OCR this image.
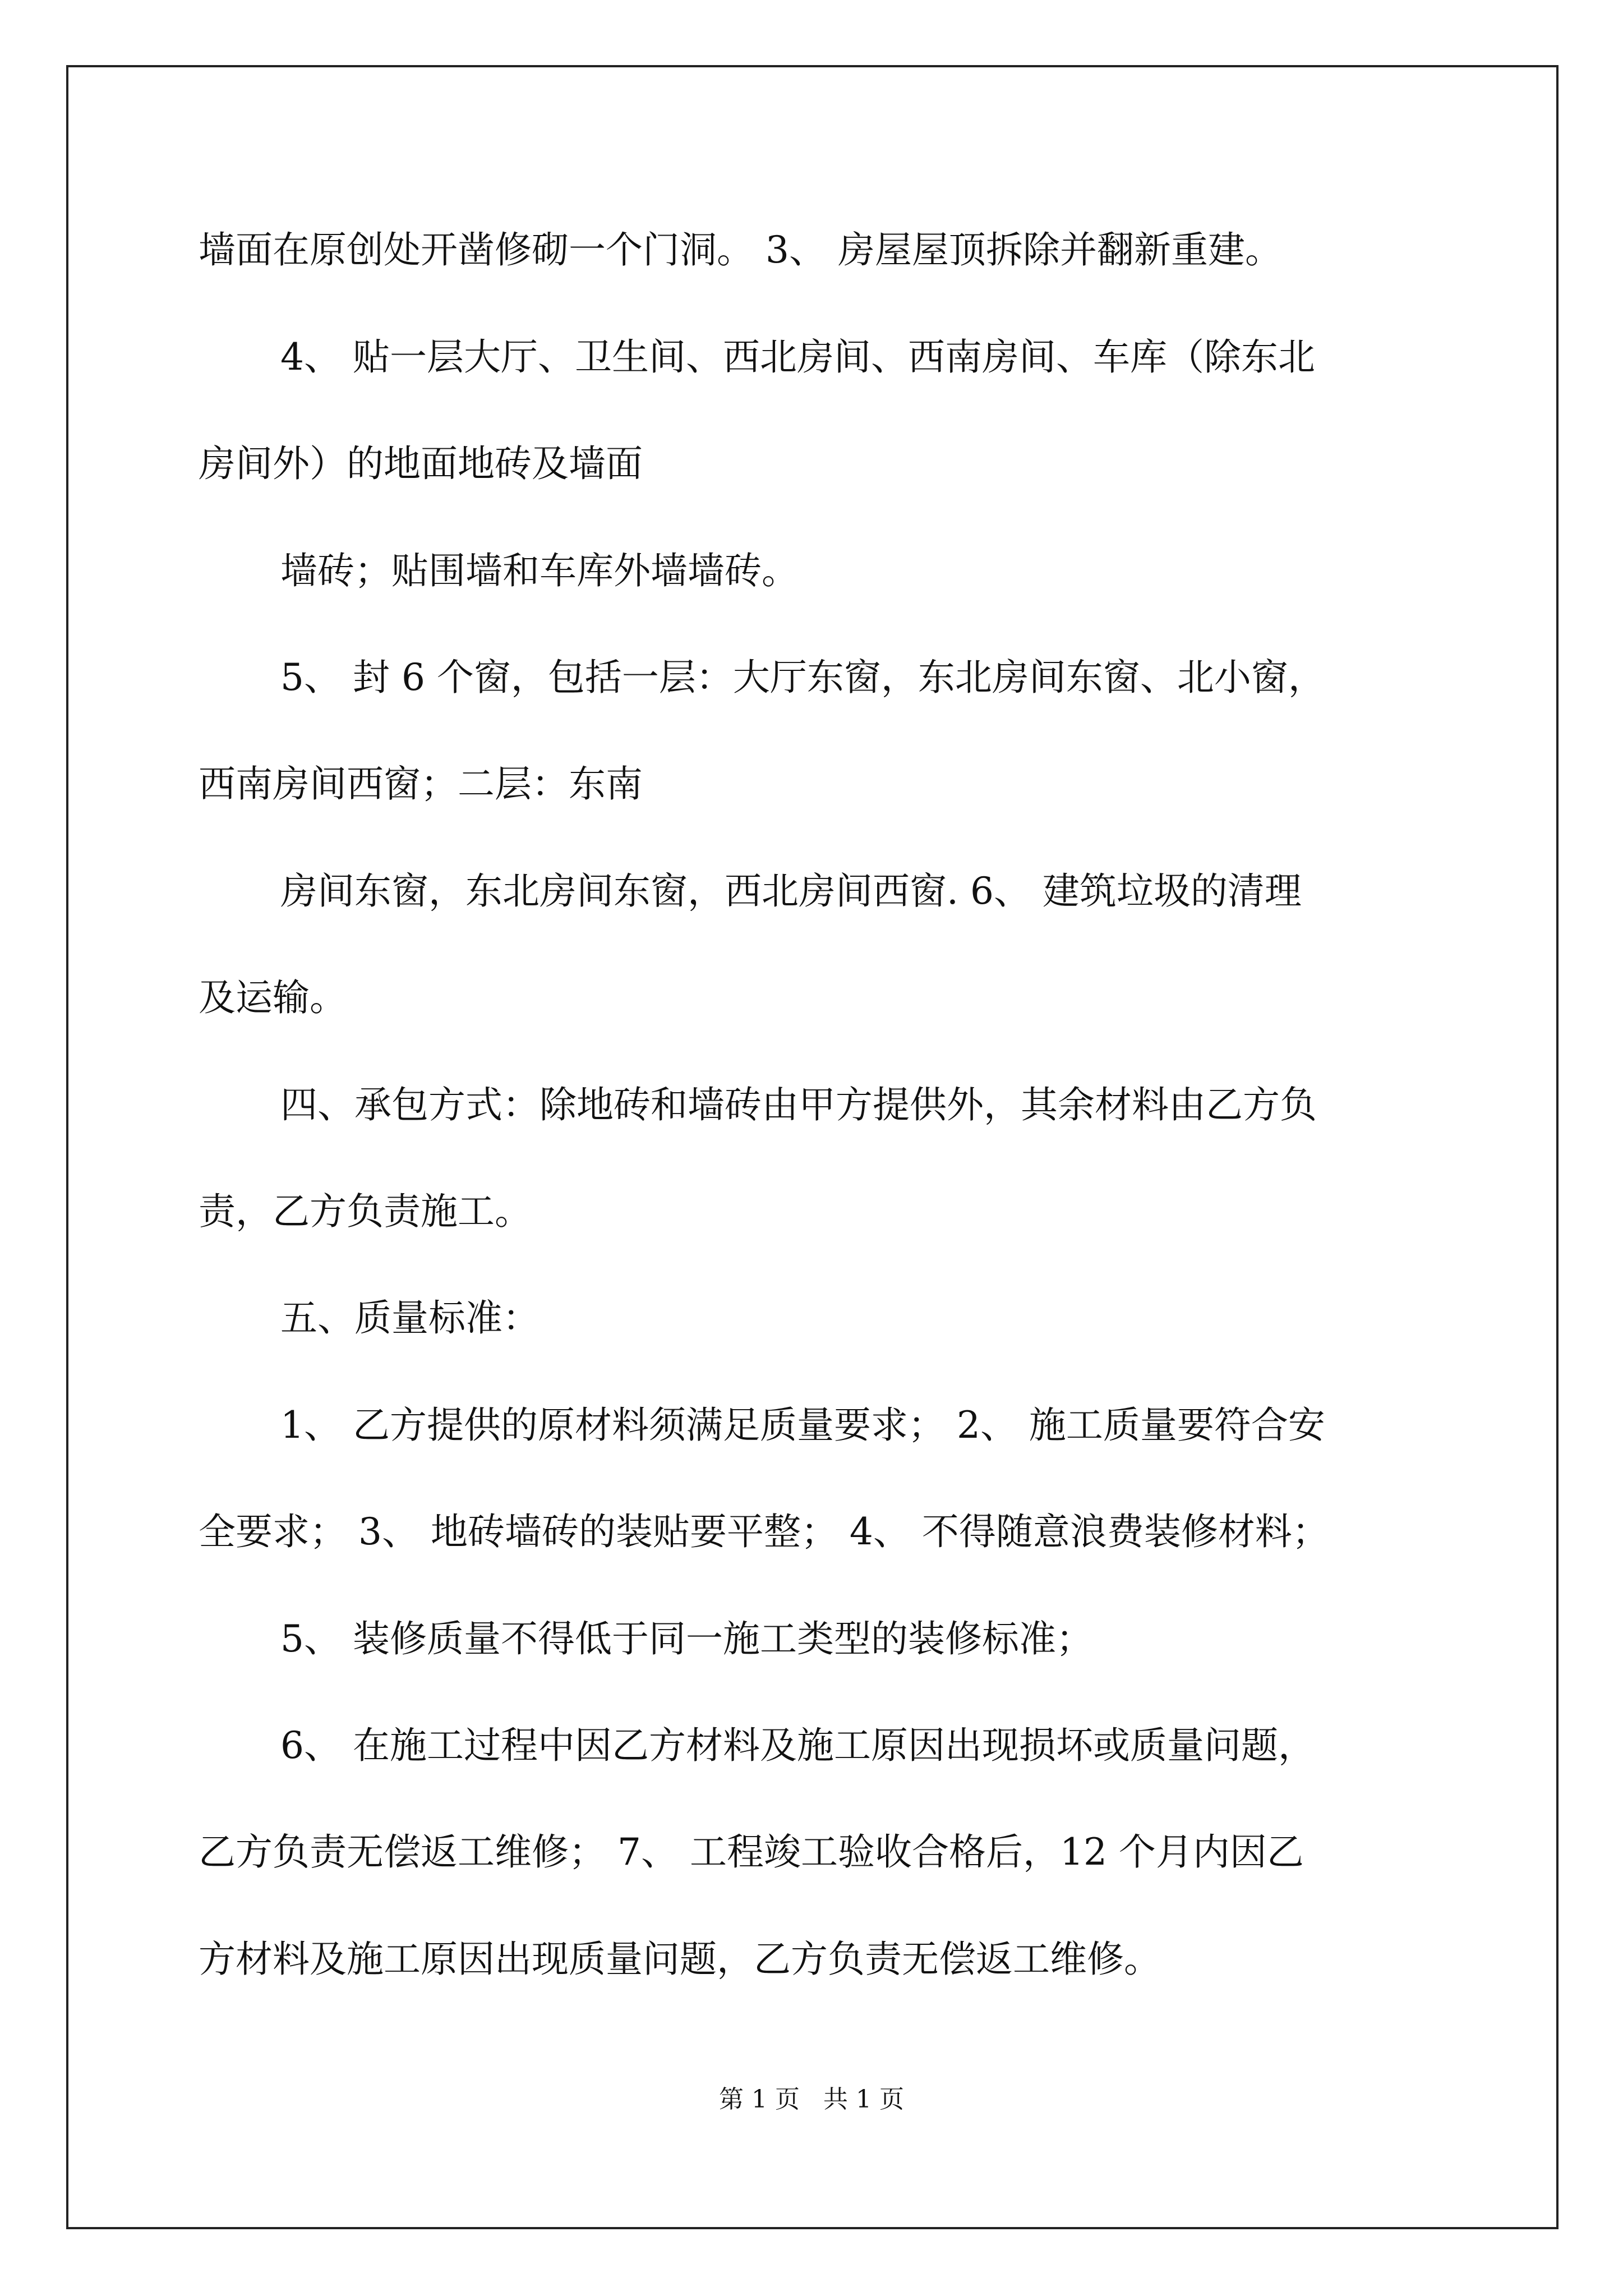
墙面在原创处开凿修砌一个门洞。 3、 房屋屋顶拆除并翻新重建。
4、 贴一层大厅、卫生间、西北房间、西南房间、车库（除东北
房间外）的地面地砖及墙面
墙砖；贴围墙和车库外墙墙砖。
5、 封 6 个窗，包括一层：大厅东窗，东北房间东窗、北小窗，
西南房间西窗；二层：东南
房间东窗，东北房间东窗，西北房间西窗. 6、 建筑垃圾的清理
及运输。
四、承包方式：除地砖和墙砖由甲方提供外，其余材料由乙方负
责，乙方负责施工。
五、质量标准：
1、 乙方提供的原材料须满足质量要求； 2、 施工质量要符合安
全要求； 3、 地砖墙砖的装贴要平整； 4、 不得随意浪费装修材料；
5、 装修质量不得低于同一施工类型的装修标准；
6、 在施工过程中因乙方材料及施工原因出现损坏或质量问题，
乙方负责无偿返工维修； 7、 工程竣工验收合格后，12 个月内因乙
方材料及施工原因出现质量问题，乙方负责无偿返工维修。
第 1 页   共 1 页
